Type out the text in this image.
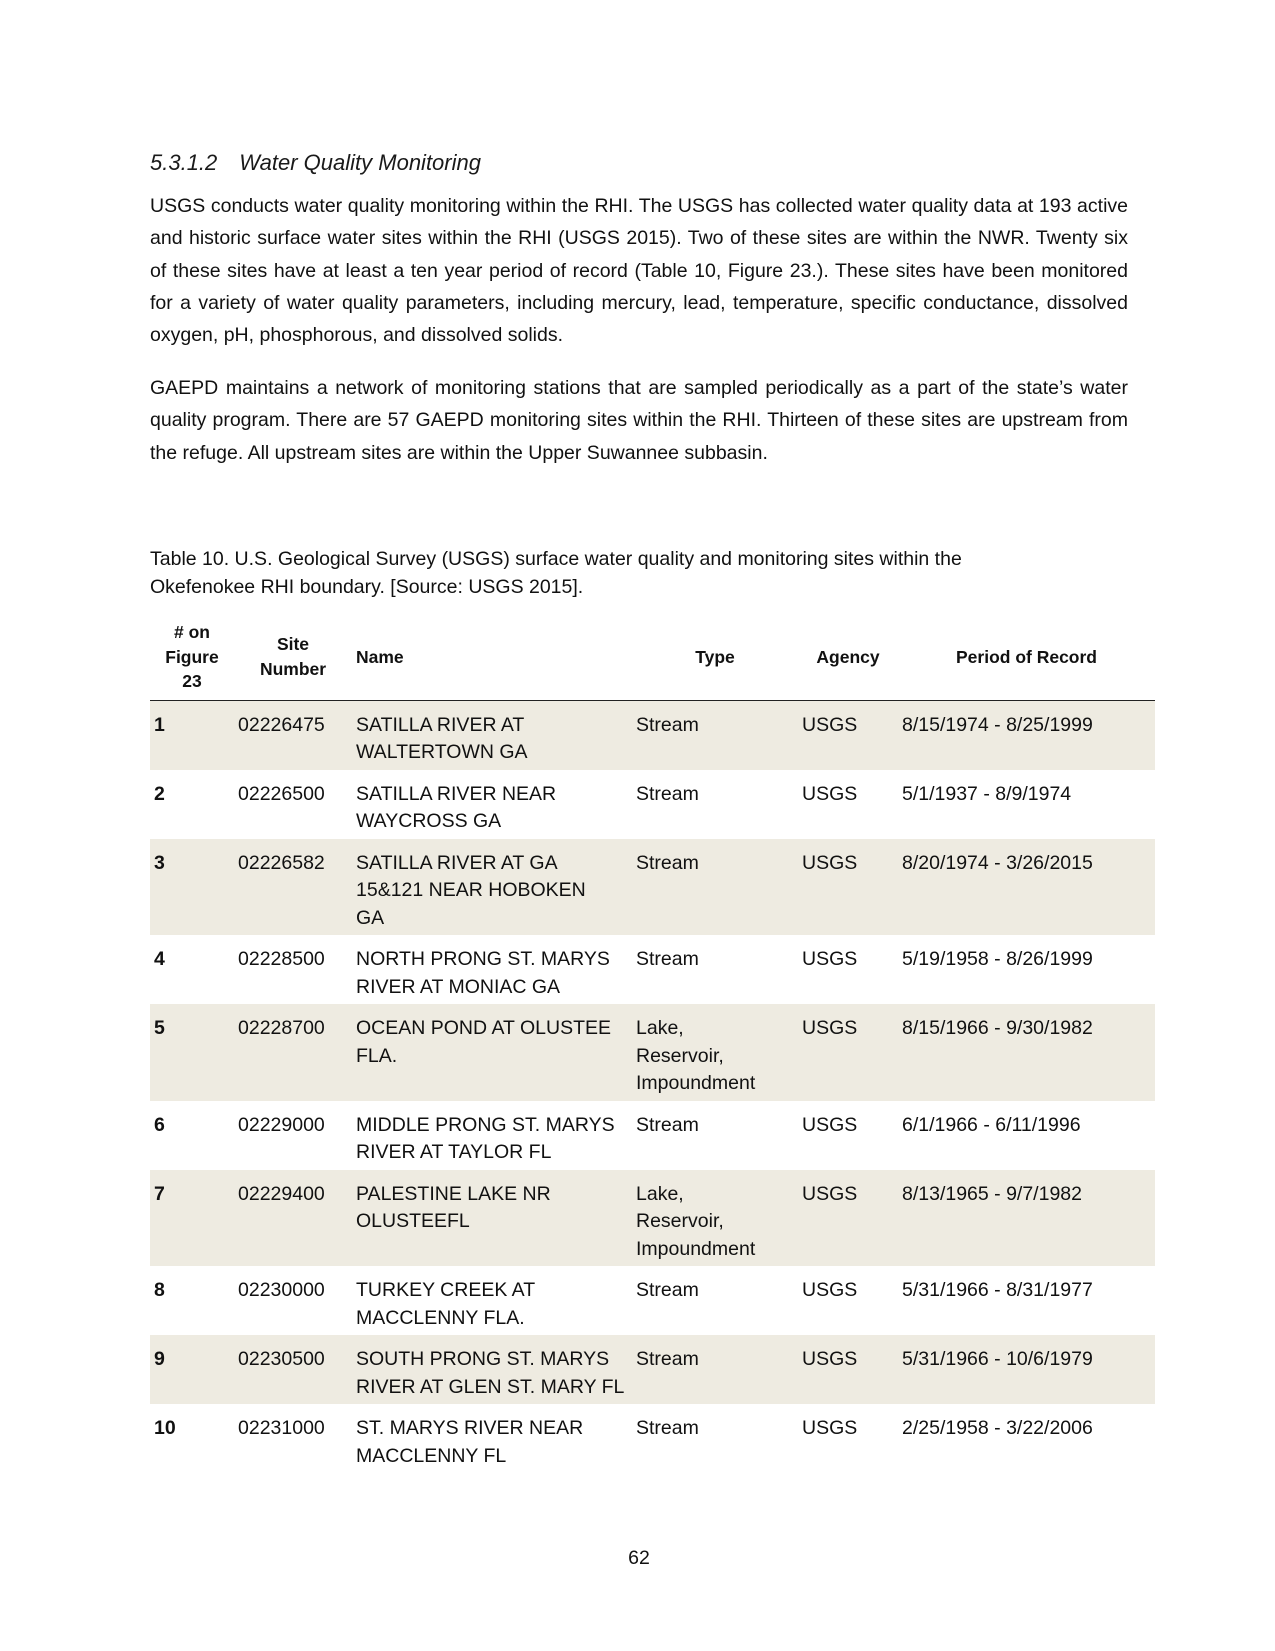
5.3.1.2 Water Quality Monitoring

USGS conducts water quality monitoring within the RHI. The USGS has collected water quality data at 193 active and historic surface water sites within the RHI (USGS 2015). Two of these sites are within the NWR. Twenty six of these sites have at least a ten year period of record (Table 10, Figure 23.). These sites have been monitored for a variety of water quality parameters, including mercury, lead, temperature, specific conductance, dissolved oxygen, pH, phosphorous, and dissolved solids.

GAEPD maintains a network of monitoring stations that are sampled periodically as a part of the state’s water quality program. There are 57 GAEPD monitoring sites within the RHI. Thirteen of these sites are upstream from the refuge. All upstream sites are within the Upper Suwannee subbasin.

Table 10. U.S. Geological Survey (USGS) surface water quality and monitoring sites within the
Okefenokee RHI boundary. [Source: USGS 2015].

# on
Figure
23	Site
Number	Name	Type	Agency	Period of Record
1	02226475	SATILLA RIVER AT
WALTERTOWN GA	Stream	USGS	8/15/1974 - 8/25/1999
2	02226500	SATILLA RIVER NEAR
WAYCROSS GA	Stream	USGS	5/1/1937 - 8/9/1974
3	02226582	SATILLA RIVER AT GA
15&121 NEAR HOBOKEN
GA	Stream	USGS	8/20/1974 - 3/26/2015
4	02228500	NORTH PRONG ST. MARYS
RIVER AT MONIAC GA	Stream	USGS	5/19/1958 - 8/26/1999
5	02228700	OCEAN POND AT OLUSTEE
FLA.	Lake,
Reservoir,
Impoundment	USGS	8/15/1966 - 9/30/1982
6	02229000	MIDDLE PRONG ST. MARYS
RIVER AT TAYLOR FL	Stream	USGS	6/1/1966 - 6/11/1996
7	02229400	PALESTINE LAKE NR
OLUSTEEFL	Lake,
Reservoir,
Impoundment	USGS	8/13/1965 - 9/7/1982
8	02230000	TURKEY CREEK AT
MACCLENNY FLA.	Stream	USGS	5/31/1966 - 8/31/1977
9	02230500	SOUTH PRONG ST. MARYS
RIVER AT GLEN ST. MARY FL	Stream	USGS	5/31/1966 - 10/6/1979
10	02231000	ST. MARYS RIVER NEAR
MACCLENNY FL	Stream	USGS	2/25/1958 - 3/22/2006
62
